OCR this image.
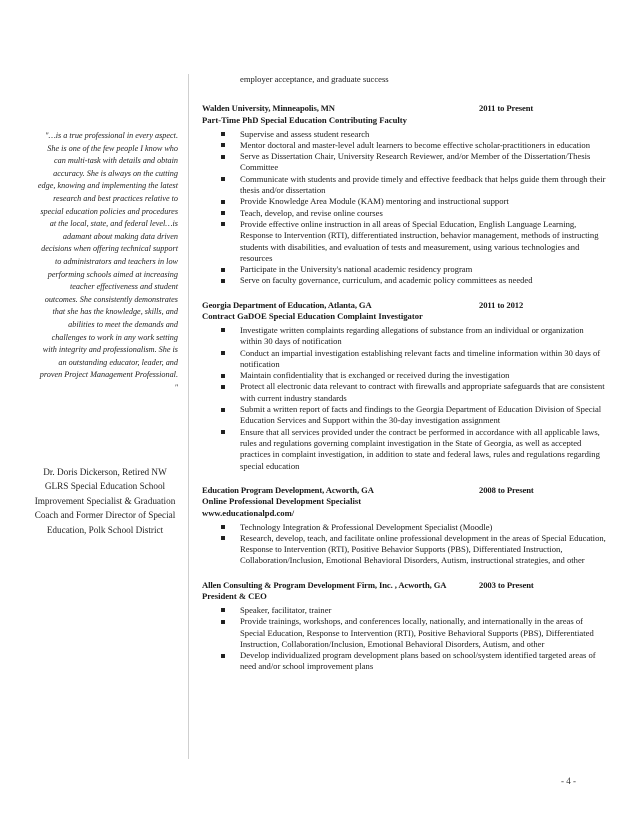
"…is a true professional in every aspect. She is one of the few people I know who can multi-task with details and obtain accuracy. She is always on the cutting edge, knowing and implementing the latest research and best practices relative to special education policies and procedures at the local, state, and federal level…is adamant about making data driven decisions when offering technical support to administrators and teachers in low performing schools aimed at increasing teacher effectiveness and student outcomes. She consistently demonstrates that she has the knowledge, skills, and abilities to meet the demands and challenges to work in any work setting with integrity and professionalism. She is an outstanding educator, leader, and proven Project Management Professional. "

Dr. Doris Dickerson, Retired NW GLRS Special Education School Improvement Specialist & Graduation Coach and Former Director of Special Education, Polk School District
employer acceptance, and graduate success
Walden University, Minneapolis, MN	2011 to Present
Part-Time PhD Special Education Contributing Faculty
Supervise and assess student research
Mentor doctoral and master-level adult learners to become effective scholar-practitioners in education
Serve as Dissertation Chair, University Research Reviewer, and/or Member of the Dissertation/Thesis Committee
Communicate with students and provide timely and effective feedback that helps guide them through their thesis and/or dissertation
Provide Knowledge Area Module (KAM) mentoring and instructional support
Teach, develop, and revise online courses
Provide effective online instruction in all areas of Special Education, English Language Learning, Response to Intervention (RTI), differentiated instruction, behavior management, methods of instructing students with disabilities, and evaluation of tests and measurement, using various technologies and resources
Participate in the University's national academic residency program
Serve on faculty governance, curriculum, and academic policy committees as needed
Georgia Department of Education, Atlanta, GA	2011 to 2012
Contract GaDOE Special Education Complaint Investigator
Investigate written complaints regarding allegations of substance from an individual or organization within 30 days of notification
Conduct an impartial investigation establishing relevant facts and timeline information within 30 days of notification
Maintain confidentiality that is exchanged or received during the investigation
Protect all electronic data relevant to contract with firewalls and appropriate safeguards that are consistent with current industry standards
Submit a written report of facts and findings to the Georgia Department of Education Division of Special Education Services and Support within the 30-day investigation assignment
Ensure that all services provided under the contract be performed in accordance with all applicable laws, rules and regulations governing complaint investigation in the State of Georgia, as well as accepted practices in complaint investigation, in addition to state and federal laws, rules and regulations regarding special education
Education Program Development, Acworth, GA	2008 to Present
Online Professional Development Specialist
www.educationalpd.com/
Technology Integration & Professional Development Specialist (Moodle)
Research, develop, teach, and facilitate online professional development in the areas of Special Education, Response to Intervention (RTI), Positive Behavior Supports (PBS), Differentiated Instruction, Collaboration/Inclusion, Emotional Behavioral Disorders, Autism, instructional strategies, and other
Allen Consulting & Program Development Firm, Inc. , Acworth, GA	2003 to Present
President & CEO
Speaker, facilitator, trainer
Provide trainings, workshops, and conferences locally, nationally, and internationally in the areas of Special Education, Response to Intervention (RTI), Positive Behavioral Supports (PBS), Differentiated Instruction, Collaboration/Inclusion, Emotional Behavioral Disorders, Autism, and other
Develop individualized program development plans based on school/system identified targeted areas of need and/or school improvement plans
- 4 -
